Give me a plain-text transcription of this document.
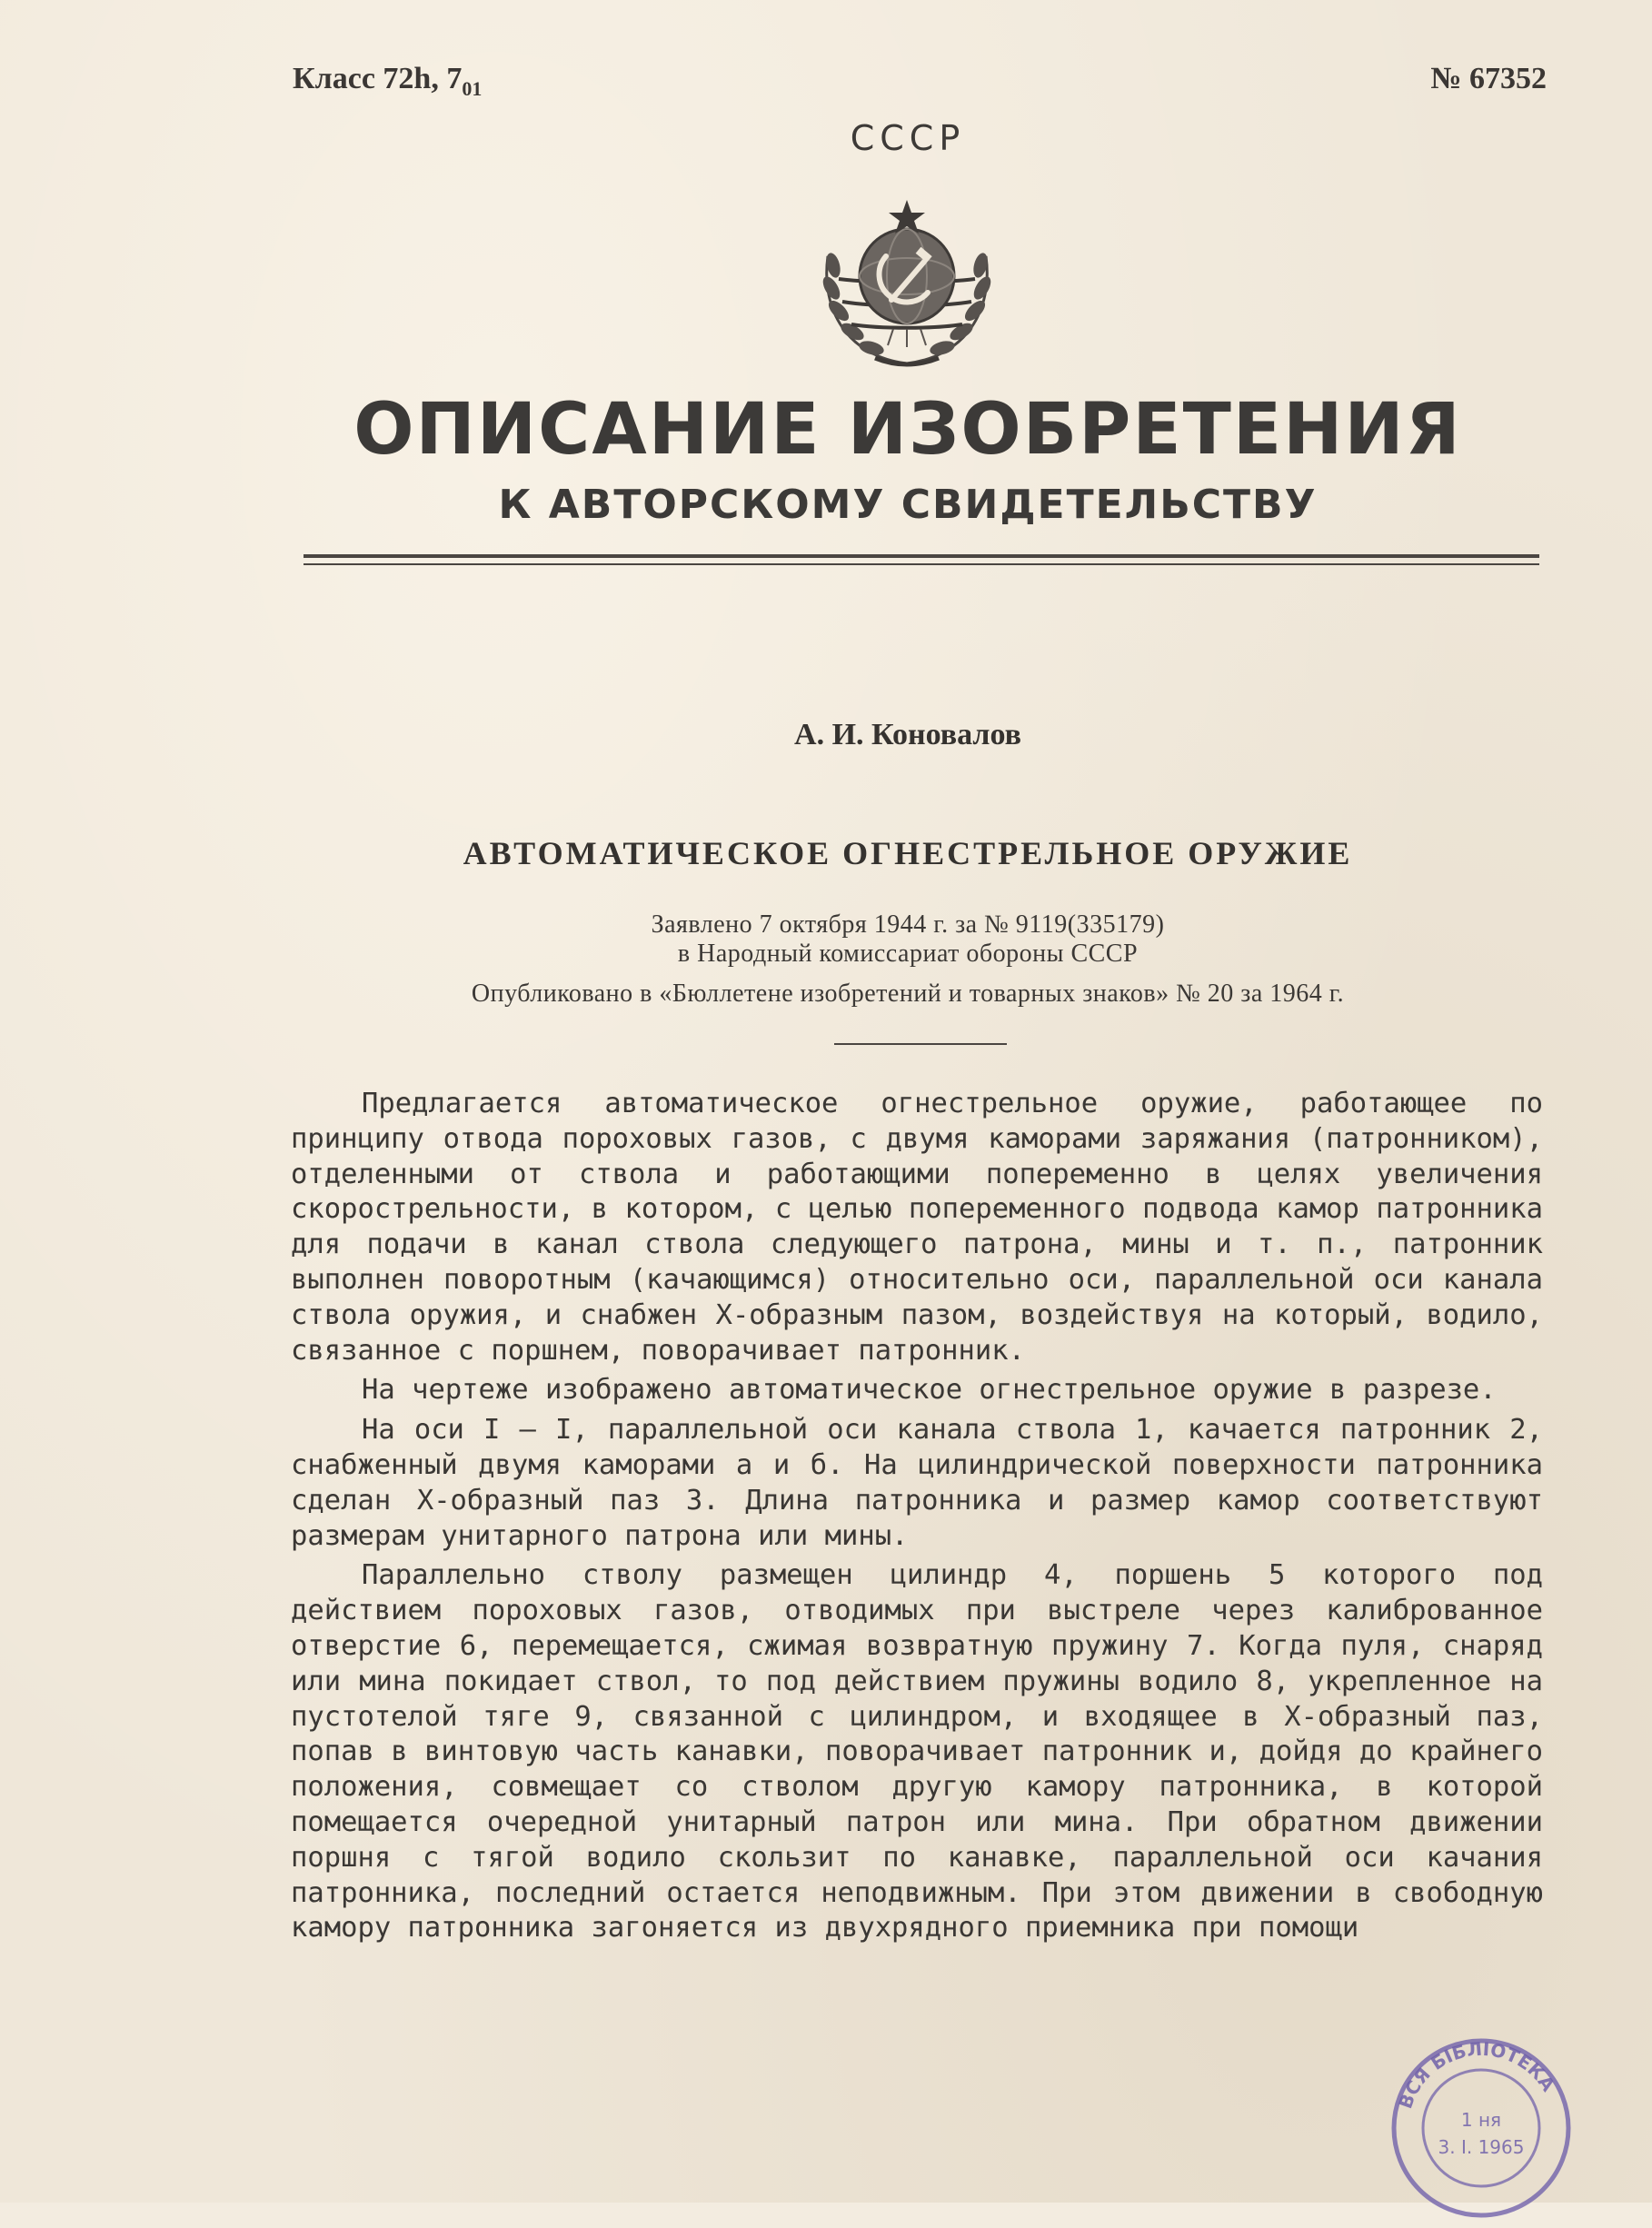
Класс 72h, $7_{01}$	№ 67352
СССР
ОПИСАНИЕ ИЗОБРЕТЕНИЯ
К АВТОРСКОМУ СВИДЕТЕЛЬСТВУ
А. И. Коновалов
АВТОМАТИЧЕСКОЕ ОГНЕСТРЕЛЬНОЕ ОРУЖИЕ
Заявлено 7 октября 1944 г. за № 9119(335179)
в Народный комиссариат обороны СССР
Опубликовано в «Бюллетене изобретений и товарных знаков» № 20 за 1964 г.

Предлагается автоматическое огнестрельное оружие, работающее по принципу отвода пороховых газов, с двумя каморами заряжания (патронником), отделенными от ствола и работающими попеременно в целях увеличения скорострельности, в котором, с целью попеременного подвода камор патронника для подачи в канал ствола следующего патрона, мины и т. п., патронник выполнен поворотным (качающимся) относительно оси, параллельной оси канала ствола оружия, и снабжен X-образным пазом, воздействуя на который, водило, связанное с поршнем, поворачивает патронник.

На чертеже изображено автоматическое огнестрельное оружие в разрезе.

На оси I — I, параллельной оси канала ствола 1, качается патронник 2, снабженный двумя каморами а и б. На цилиндрической поверхности патронника сделан X-образный паз 3. Длина патронника и размер камор соответствуют размерам унитарного патрона или мины.

Параллельно стволу размещен цилиндр 4, поршень 5 которого под действием пороховых газов, отводимых при выстреле через калиброванное отверстие 6, перемещается, сжимая возвратную пружину 7. Когда пуля, снаряд или мина покидает ствол, то под действием пружины водило 8, укрепленное на пустотелой тяге 9, связанной с цилиндром, и входящее в X-образный паз, попав в винтовую часть канавки, поворачивает патронник и, дойдя до крайнего положения, совмещает со стволом другую камору патронника, в которой помещается очередной унитарный патрон или мина. При обратном движении поршня с тягой водило скользит по канавке, параллельной оси качания патронника, последний остается неподвижным. При этом движении в свободную камору патронника загоняется из двухрядного приемника при помощи

ВСЯ БІБЛІОТЕКА
1 ня
3. I. 1965
